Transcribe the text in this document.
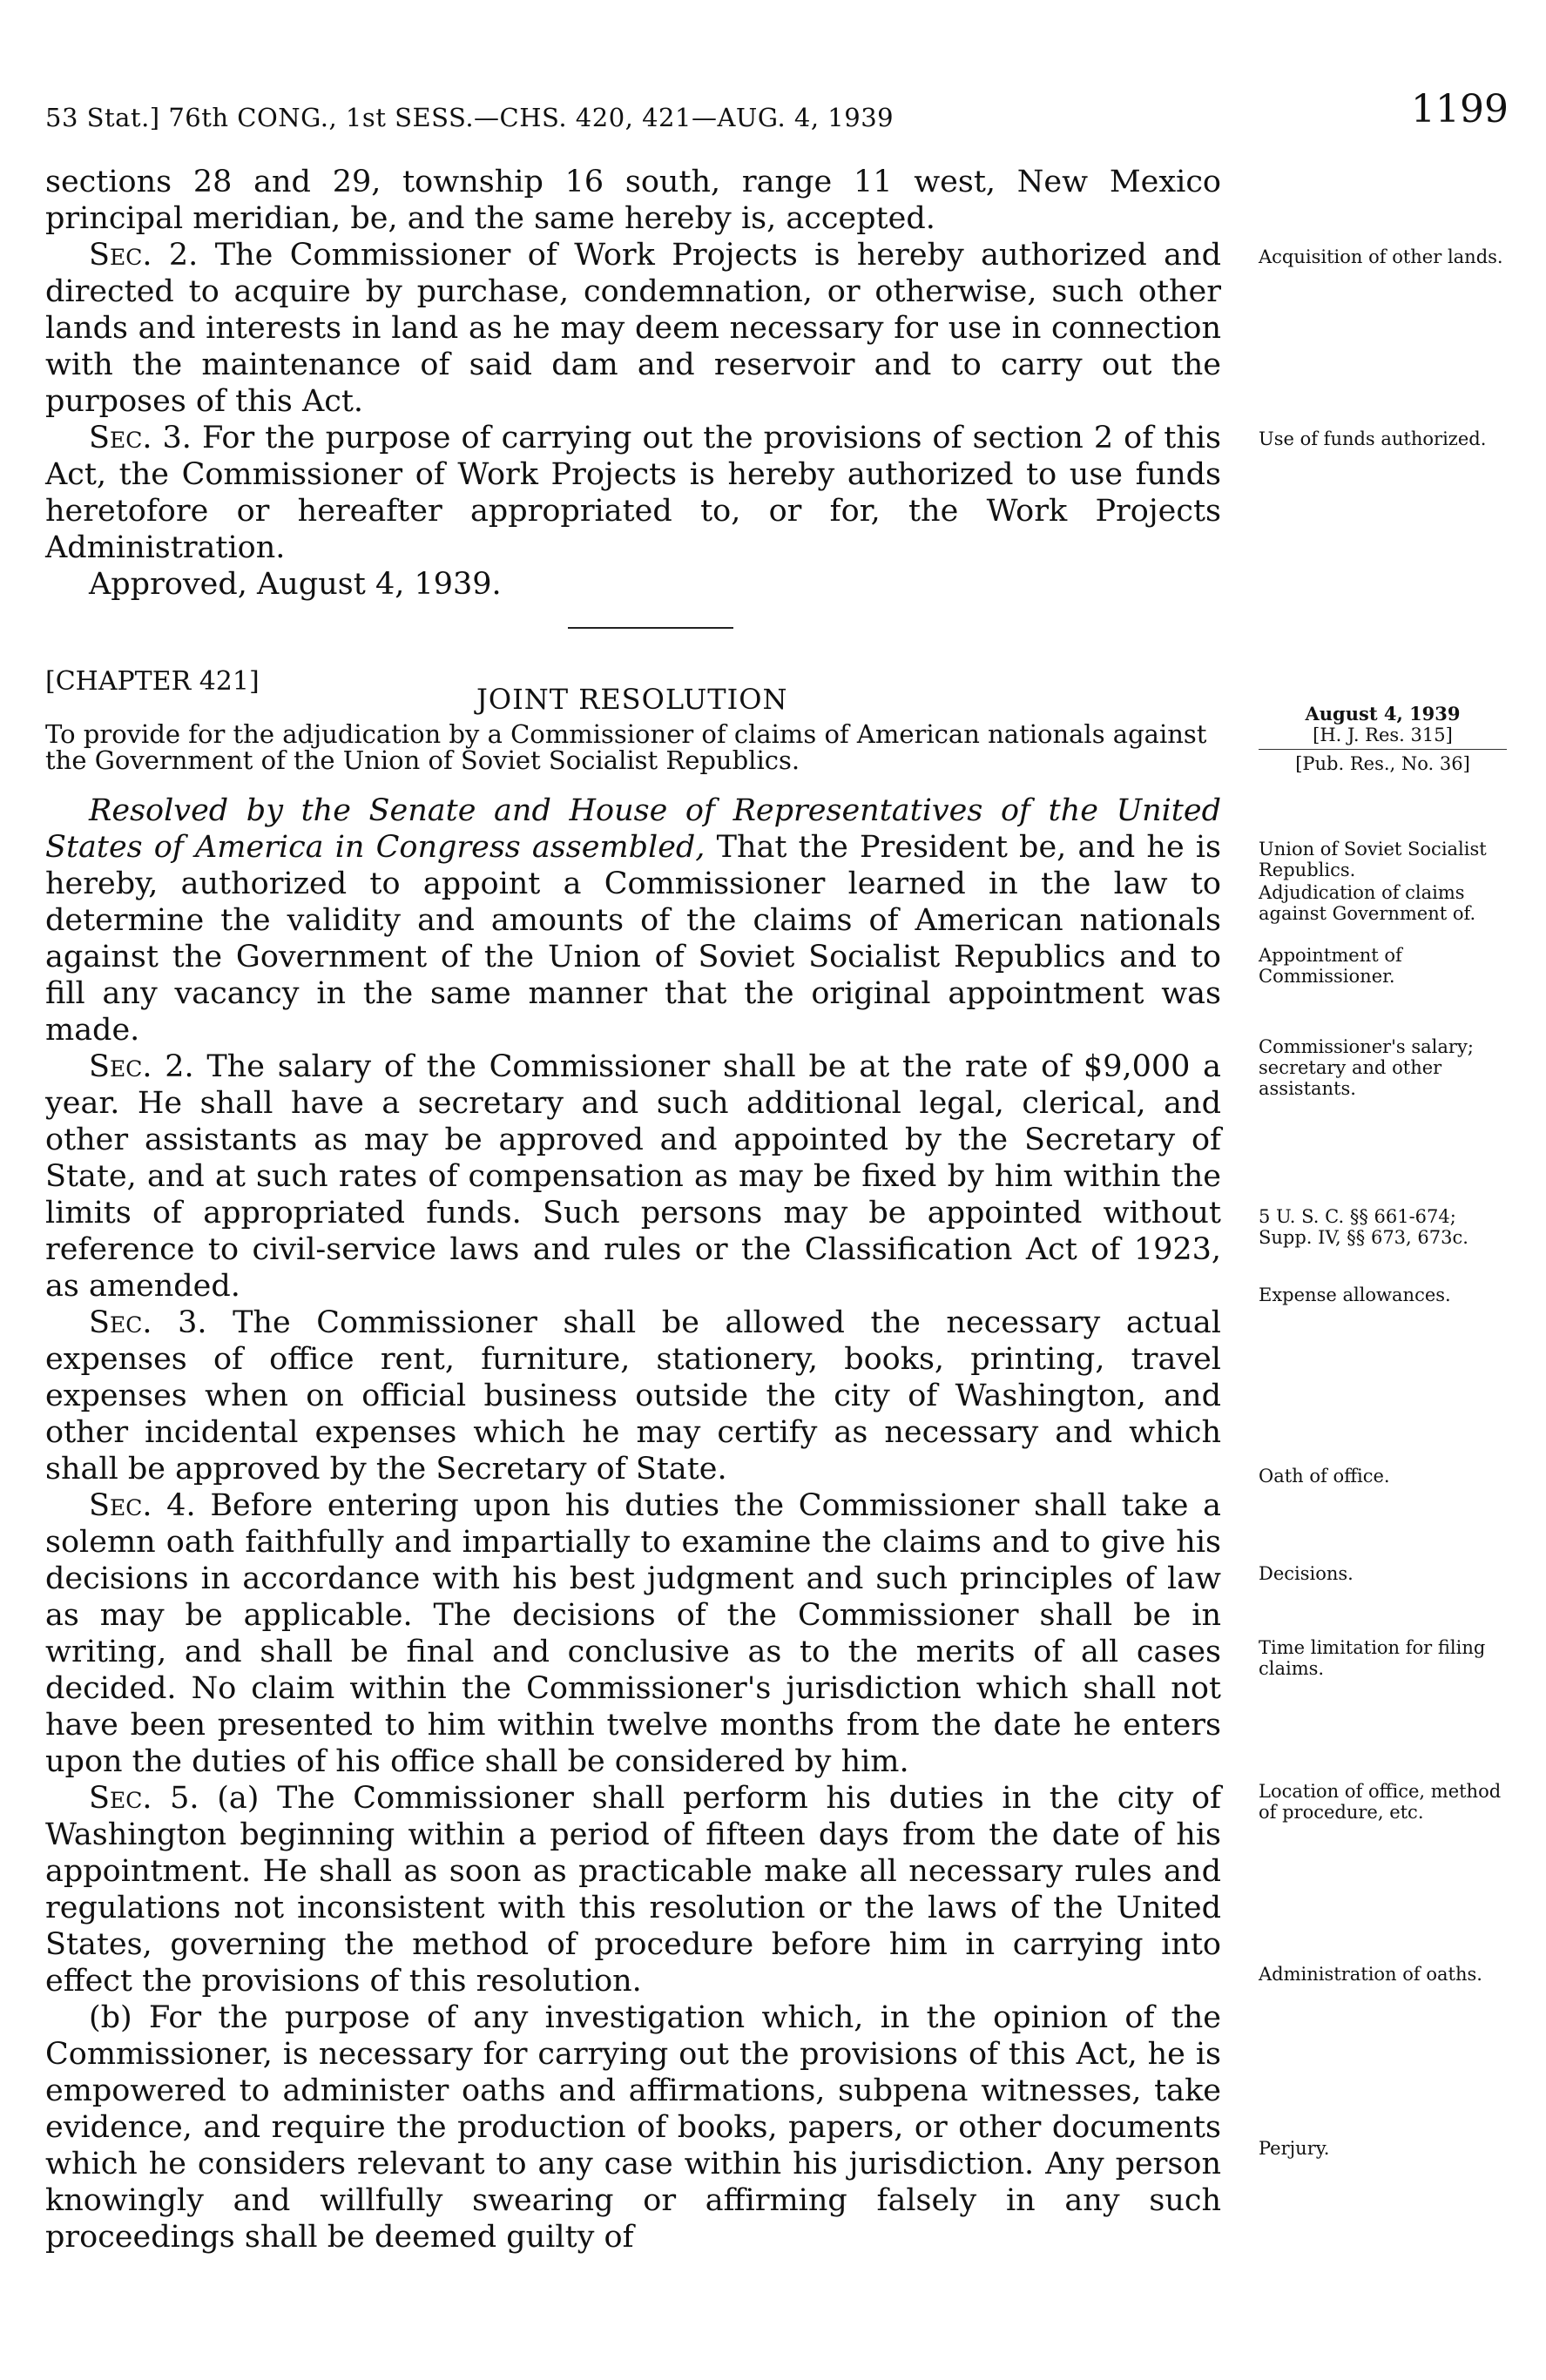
53 Stat.] 76th CONG., 1st SESS.—CHS. 420, 421—AUG. 4, 1939	1199

sections 28 and 29, township 16 south, range 11 west, New Mexico principal meridian, be, and the same hereby is, accepted.

Sec. 2. The Commissioner of Work Projects is hereby authorized and directed to acquire by purchase, condemnation, or otherwise, such other lands and interests in land as he may deem necessary for use in connection with the maintenance of said dam and reservoir and to carry out the purposes of this Act.

Sec. 3. For the purpose of carrying out the provisions of section 2 of this Act, the Commissioner of Work Projects is hereby authorized to use funds heretofore or hereafter appropriated to, or for, the Work Projects Administration.

Approved, August 4, 1939.

[CHAPTER 421]
JOINT RESOLUTION
To provide for the adjudication by a Commissioner of claims of American nationals against the Government of the Union of Soviet Socialist Republics.

Resolved by the Senate and House of Representatives of the United States of America in Congress assembled, That the President be, and he is hereby, authorized to appoint a Commissioner learned in the law to determine the validity and amounts of the claims of American nationals against the Government of the Union of Soviet Socialist Republics and to fill any vacancy in the same manner that the original appointment was made.

Sec. 2. The salary of the Commissioner shall be at the rate of $9,000 a year. He shall have a secretary and such additional legal, clerical, and other assistants as may be approved and appointed by the Secretary of State, and at such rates of compensation as may be fixed by him within the limits of appropriated funds. Such persons may be appointed without reference to civil-service laws and rules or the Classification Act of 1923, as amended.

Sec. 3. The Commissioner shall be allowed the necessary actual expenses of office rent, furniture, stationery, books, printing, travel expenses when on official business outside the city of Washington, and other incidental expenses which he may certify as necessary and which shall be approved by the Secretary of State.

Sec. 4. Before entering upon his duties the Commissioner shall take a solemn oath faithfully and impartially to examine the claims and to give his decisions in accordance with his best judgment and such principles of law as may be applicable. The decisions of the Commissioner shall be in writing, and shall be final and conclusive as to the merits of all cases decided. No claim within the Commissioner's jurisdiction which shall not have been presented to him within twelve months from the date he enters upon the duties of his office shall be considered by him.

Sec. 5. (a) The Commissioner shall perform his duties in the city of Washington beginning within a period of fifteen days from the date of his appointment. He shall as soon as practicable make all necessary rules and regulations not inconsistent with this resolution or the laws of the United States, governing the method of procedure before him in carrying into effect the provisions of this resolution.

(b) For the purpose of any investigation which, in the opinion of the Commissioner, is necessary for carrying out the provisions of this Act, he is empowered to administer oaths and affirmations, subpena witnesses, take evidence, and require the production of books, papers, or other documents which he considers relevant to any case within his jurisdiction. Any person knowingly and willfully swearing or affirming falsely in any such proceedings shall be deemed guilty of

Acquisition of other lands.
Use of funds authorized.
August 4, 1939
[H. J. Res. 315]
[Pub. Res., No. 36]
Union of Soviet Socialist Republics.
Adjudication of claims against Government of.
Appointment of Commissioner.
Commissioner's salary; secretary and other assistants.
5 U. S. C. §§ 661-674; Supp. IV, §§ 673, 673c.
Expense allowances.
Oath of office.
Decisions.
Time limitation for filing claims.
Location of office, method of procedure, etc.
Administration of oaths.
Perjury.
